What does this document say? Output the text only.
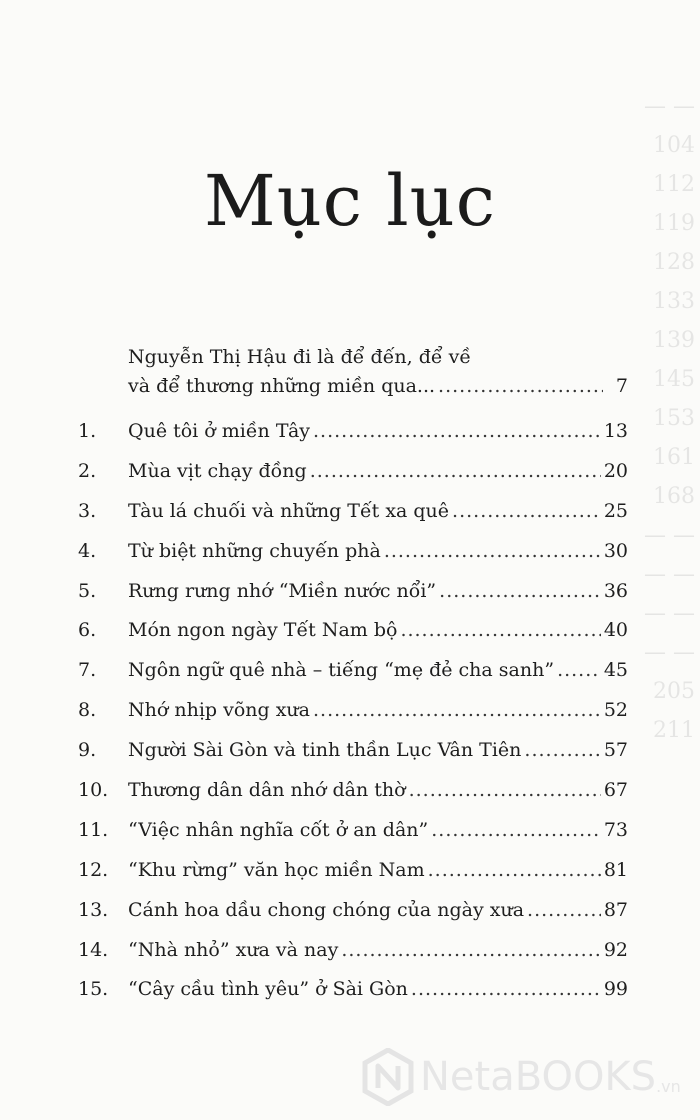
— —
104
112
119
128
133
139
145
153
161
168
— —
— —
— —
— —
205
211
Mục lục
Nguyễn Thị Hậu đi là để đến, để về
và để thương những miền qua... .....	7
1.	Quê tôi ở miền Tây .....	13
2.	Mùa vịt chạy đồng .....	20
3.	Tàu lá chuối và những Tết xa quê .....	25
4.	Từ biệt những chuyến phà .....	30
5.	Rưng rưng nhớ “Miền nước nổi” .....	36
6.	Món ngon ngày Tết Nam bộ .....	40
7.	Ngôn ngữ quê nhà – tiếng “mẹ đẻ cha sanh” .....	45
8.	Nhớ nhịp võng xưa .....	52
9.	Người Sài Gòn và tinh thần Lục Vân Tiên .....	57
10.	Thương dân dân nhớ dân thờ .....	67
11.	“Việc nhân nghĩa cốt ở an dân” .....	73
12.	“Khu rừng” văn học miền Nam .....	81
13.	Cánh hoa dầu chong chóng của ngày xưa .....	87
14.	“Nhà nhỏ” xưa và nay .....	92
15.	“Cây cầu tình yêu” ở Sài Gòn .....	99
NetaBOOKS .vn
